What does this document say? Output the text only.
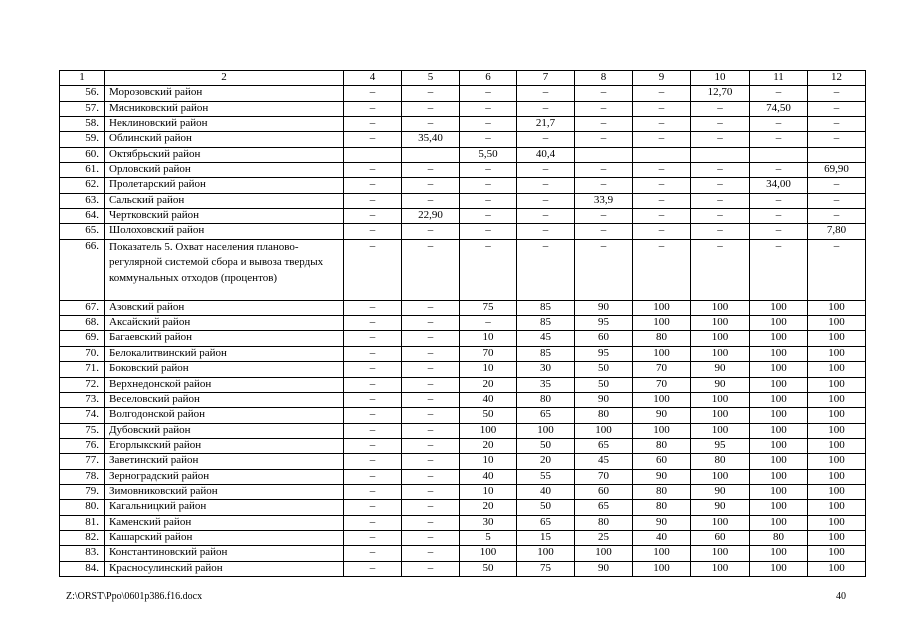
1	2	4	5	6	7	8	9	10	11	12
56.	Морозовский район	–	–	–	–	–	–	12,70	–	–
57.	Мясниковский район	–	–	–	–	–	–	–	74,50	–
58.	Неклиновский район	–	–	–	21,7	–	–	–	–	–
59.	Облинский район	–	35,40	–	–	–	–	–	–	–
60.	Октябрьский район			5,50	40,4					
61.	Орловский район	–	–	–	–	–	–	–	–	69,90
62.	Пролетарский район	–	–	–	–	–	–	–	34,00	–
63.	Сальский район	–	–	–	–	33,9	–	–	–	–
64.	Чертковский район	–	22,90	–	–	–	–	–	–	–
65.	Шолоховский район	–	–	–	–	–	–	–	–	7,80
66.	Показатель 5. Охват населения планово-регулярной системой сбора и вывоза твердых коммунальных отходов (процентов)	–	–	–	–	–	–	–	–	–
67.	Азовский район	–	–	75	85	90	100	100	100	100
68.	Аксайский район	–	–	–	85	95	100	100	100	100
69.	Багаевский район	–	–	10	45	60	80	100	100	100
70.	Белокалитвинский район	–	–	70	85	95	100	100	100	100
71.	Боковский район	–	–	10	30	50	70	90	100	100
72.	Верхнедонской район	–	–	20	35	50	70	90	100	100
73.	Веселовский район	–	–	40	80	90	100	100	100	100
74.	Волгодонской район	–	–	50	65	80	90	100	100	100
75.	Дубовский район	–	–	100	100	100	100	100	100	100
76.	Егорлыкский район	–	–	20	50	65	80	95	100	100
77.	Заветинский район	–	–	10	20	45	60	80	100	100
78.	Зерноградский район	–	–	40	55	70	90	100	100	100
79.	Зимовниковский район	–	–	10	40	60	80	90	100	100
80.	Кагальницкий район	–	–	20	50	65	80	90	100	100
81.	Каменский район	–	–	30	65	80	90	100	100	100
82.	Кашарский район	–	–	5	15	25	40	60	80	100
83.	Константиновский район	–	–	100	100	100	100	100	100	100
84.	Красносулинский район	–	–	50	75	90	100	100	100	100
Z:\ORST\Ppo\0601p386.f16.docx	40
